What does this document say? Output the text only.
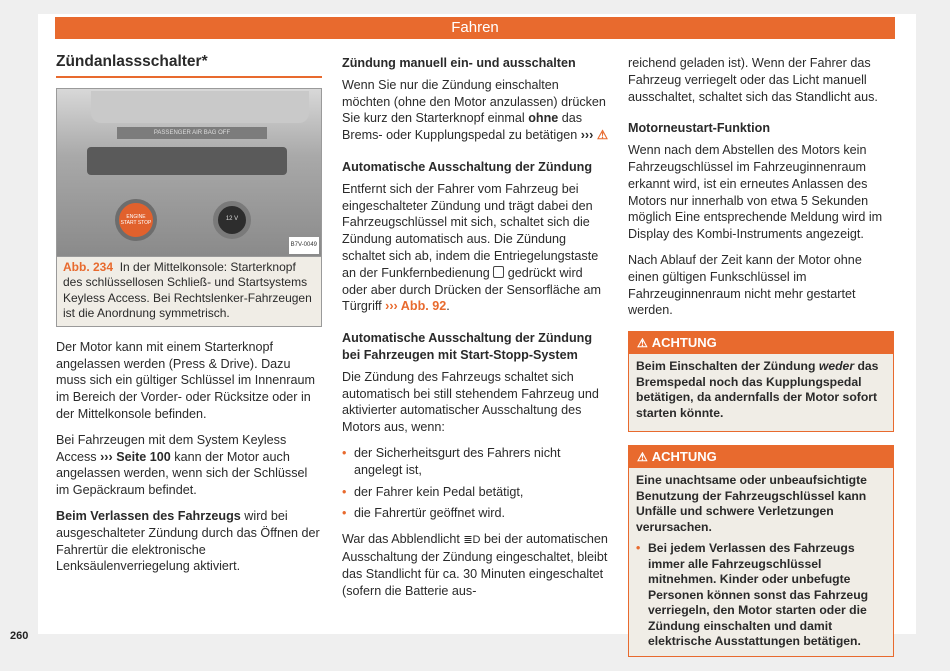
Fahren
Zündanlassschalter*
PASSENGER AIR BAG OFF
ENGINE START STOP
12 V
B7V-0049
Abb. 234 In der Mittelkonsole: Starterknopf des schlüssellosen Schließ- und Startsystems Keyless Access. Bei Rechtslenker-Fahrzeugen ist die Anordnung symmetrisch.

Der Motor kann mit einem Starterknopf angelassen werden (Press & Drive). Dazu muss sich ein gültiger Schlüssel im Innenraum im Bereich der Vorder- oder Rücksitze oder in der Mittelkonsole befinden.

Bei Fahrzeugen mit dem System Keyless Access ››› Seite 100 kann der Motor auch angelassen werden, wenn sich der Schlüssel im Gepäckraum befindet.

Beim Verlassen des Fahrzeugs wird bei ausgeschalteter Zündung durch das Öffnen der Fahrertür die elektronische Lenksäulenverriegelung aktiviert.

Zündung manuell ein- und ausschalten

Wenn Sie nur die Zündung einschalten möchten (ohne den Motor anzulassen) drücken Sie kurz den Starterknopf einmal ohne das Brems- oder Kupplungspedal zu betätigen ››› ⚠

Automatische Ausschaltung der Zündung

Entfernt sich der Fahrer vom Fahrzeug bei eingeschalteter Zündung und trägt dabei den Fahrzeugschlüssel mit sich, schaltet sich die Zündung automatisch aus. Die Zündung schaltet sich ab, indem die Entriegelungstaste an der Funkfernbedienung  gedrückt wird oder aber durch Drücken der Sensorfläche am Türgriff ››› Abb. 92.

Automatische Ausschaltung der Zündung bei Fahrzeugen mit Start-Stopp-System

Die Zündung des Fahrzeugs schaltet sich automatisch bei still stehendem Fahrzeug und aktivierter automatischer Ausschaltung des Motors aus, wenn:

• der Sicherheitsgurt des Fahrers nicht angelegt ist,
• der Fahrer kein Pedal betätigt,
• die Fahrertür geöffnet wird.

War das Abblendlicht ≣D bei der automatischen Ausschaltung der Zündung eingeschaltet, bleibt das Standlicht für ca. 30 Minuten eingeschaltet (sofern die Batterie aus-

reichend geladen ist). Wenn der Fahrer das Fahrzeug verriegelt oder das Licht manuell ausschaltet, schaltet sich das Standlicht aus.

Motorneustart-Funktion

Wenn nach dem Abstellen des Motors kein Fahrzeugschlüssel im Fahrzeuginnenraum erkannt wird, ist ein erneutes Anlassen des Motors nur innerhalb von etwa 5 Sekunden möglich Eine entsprechende Meldung wird im Display des Kombi-Instruments angezeigt.

Nach Ablauf der Zeit kann der Motor ohne einen gültigen Funkschlüssel im Fahrzeuginnenraum nicht mehr gestartet werden.

⚠ ACHTUNG

Beim Einschalten der Zündung weder das Bremspedal noch das Kupplungspedal betätigen, da andernfalls der Motor sofort starten könnte.

⚠ ACHTUNG

Eine unachtsame oder unbeaufsichtigte Benutzung der Fahrzeugschlüssel kann Unfälle und schwere Verletzungen verursachen.

• Bei jedem Verlassen des Fahrzeugs immer alle Fahrzeugschlüssel mitnehmen. Kinder oder unbefugte Personen können sonst das Fahrzeug verriegeln, den Motor starten oder die Zündung einschalten und damit elektrische Ausstattungen betätigen.
260
